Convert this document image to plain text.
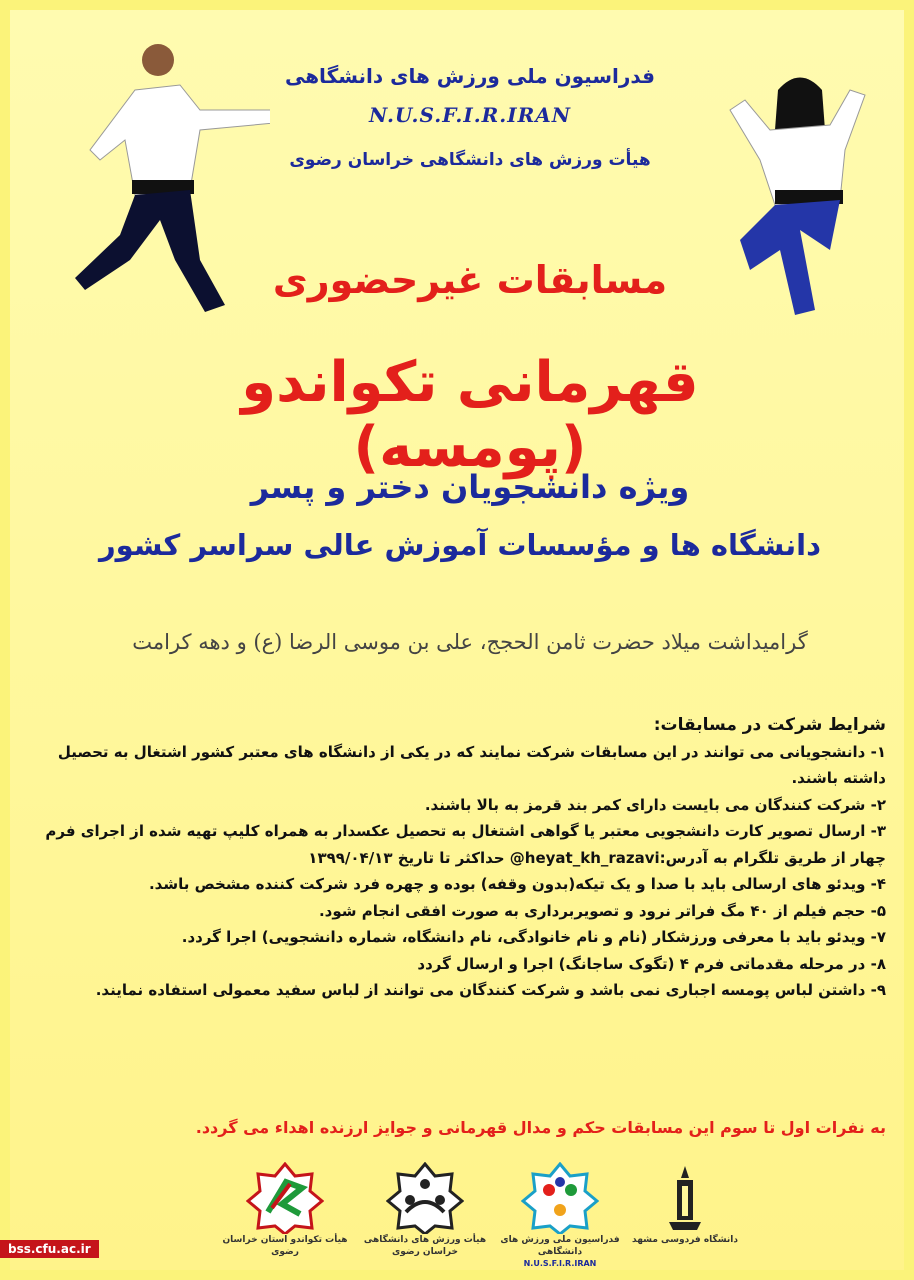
فدراسیون ملی ورزش های دانشگاهی
N.U.S.F.I.R.IRAN
هیأت ورزش های دانشگاهی خراسان رضوی
مسابقات غیرحضوری
قهرمانی تکواندو (پومسه)
ویژه دانشجویان دختر و پسر
دانشگاه ها و مؤسسات آموزش عالی سراسر کشور
گرامیداشت میلاد حضرت ثامن الحجج، علی بن موسی الرضا (ع) و دهه کرامت

شرایط شرکت در مسابقات:

۱- دانشجویانی می توانند در این مسابقات شرکت نمایند که در یکی از دانشگاه های معتبر کشور اشتغال به تحصیل داشته باشند.

۲- شرکت کنندگان می بایست دارای کمر بند قرمز به بالا باشند.

۳- ارسال تصویر کارت دانشجویی معتبر یا گواهی اشتغال به تحصیل عکسدار به همراه کلیپ تهیه شده از اجرای فرم چهار از طریق تلگرام به آدرس:heyat_kh_razavi@ حداکثر تا تاریخ ۱۳۹۹/۰۴/۱۳

۴- ویدئو های ارسالی باید با صدا و یک تیکه(بدون وقفه) بوده و چهره فرد شرکت کننده مشخص باشد.

۵- حجم فیلم از ۴۰ مگ فراتر نرود و تصویربرداری به صورت افقی انجام شود.

۷- ویدئو باید با معرفی ورزشکار (نام و نام خانوادگی، نام دانشگاه، شماره دانشجویی) اجرا گردد.

۸- در مرحله مقدماتی فرم ۴ (تگوک ساجانگ) اجرا و ارسال گردد

۹- داشتن لباس پومسه اجباری نمی باشد و شرکت کنندگان می توانند از لباس سفید معمولی استفاده نمایند.

به نفرات اول تا سوم این مسابقات حکم و مدال قهرمانی و جوایز ارزنده اهداء می گردد.
هیأت تکواندو استان خراسان رضوی
هیأت ورزش های دانشگاهی
خراسان رضوی
فدراسیون ملی ورزش های دانشگاهی
N.U.S.F.I.R.IRAN
دانشگاه فردوسی مشهد
bss.cfu.ac.ir
